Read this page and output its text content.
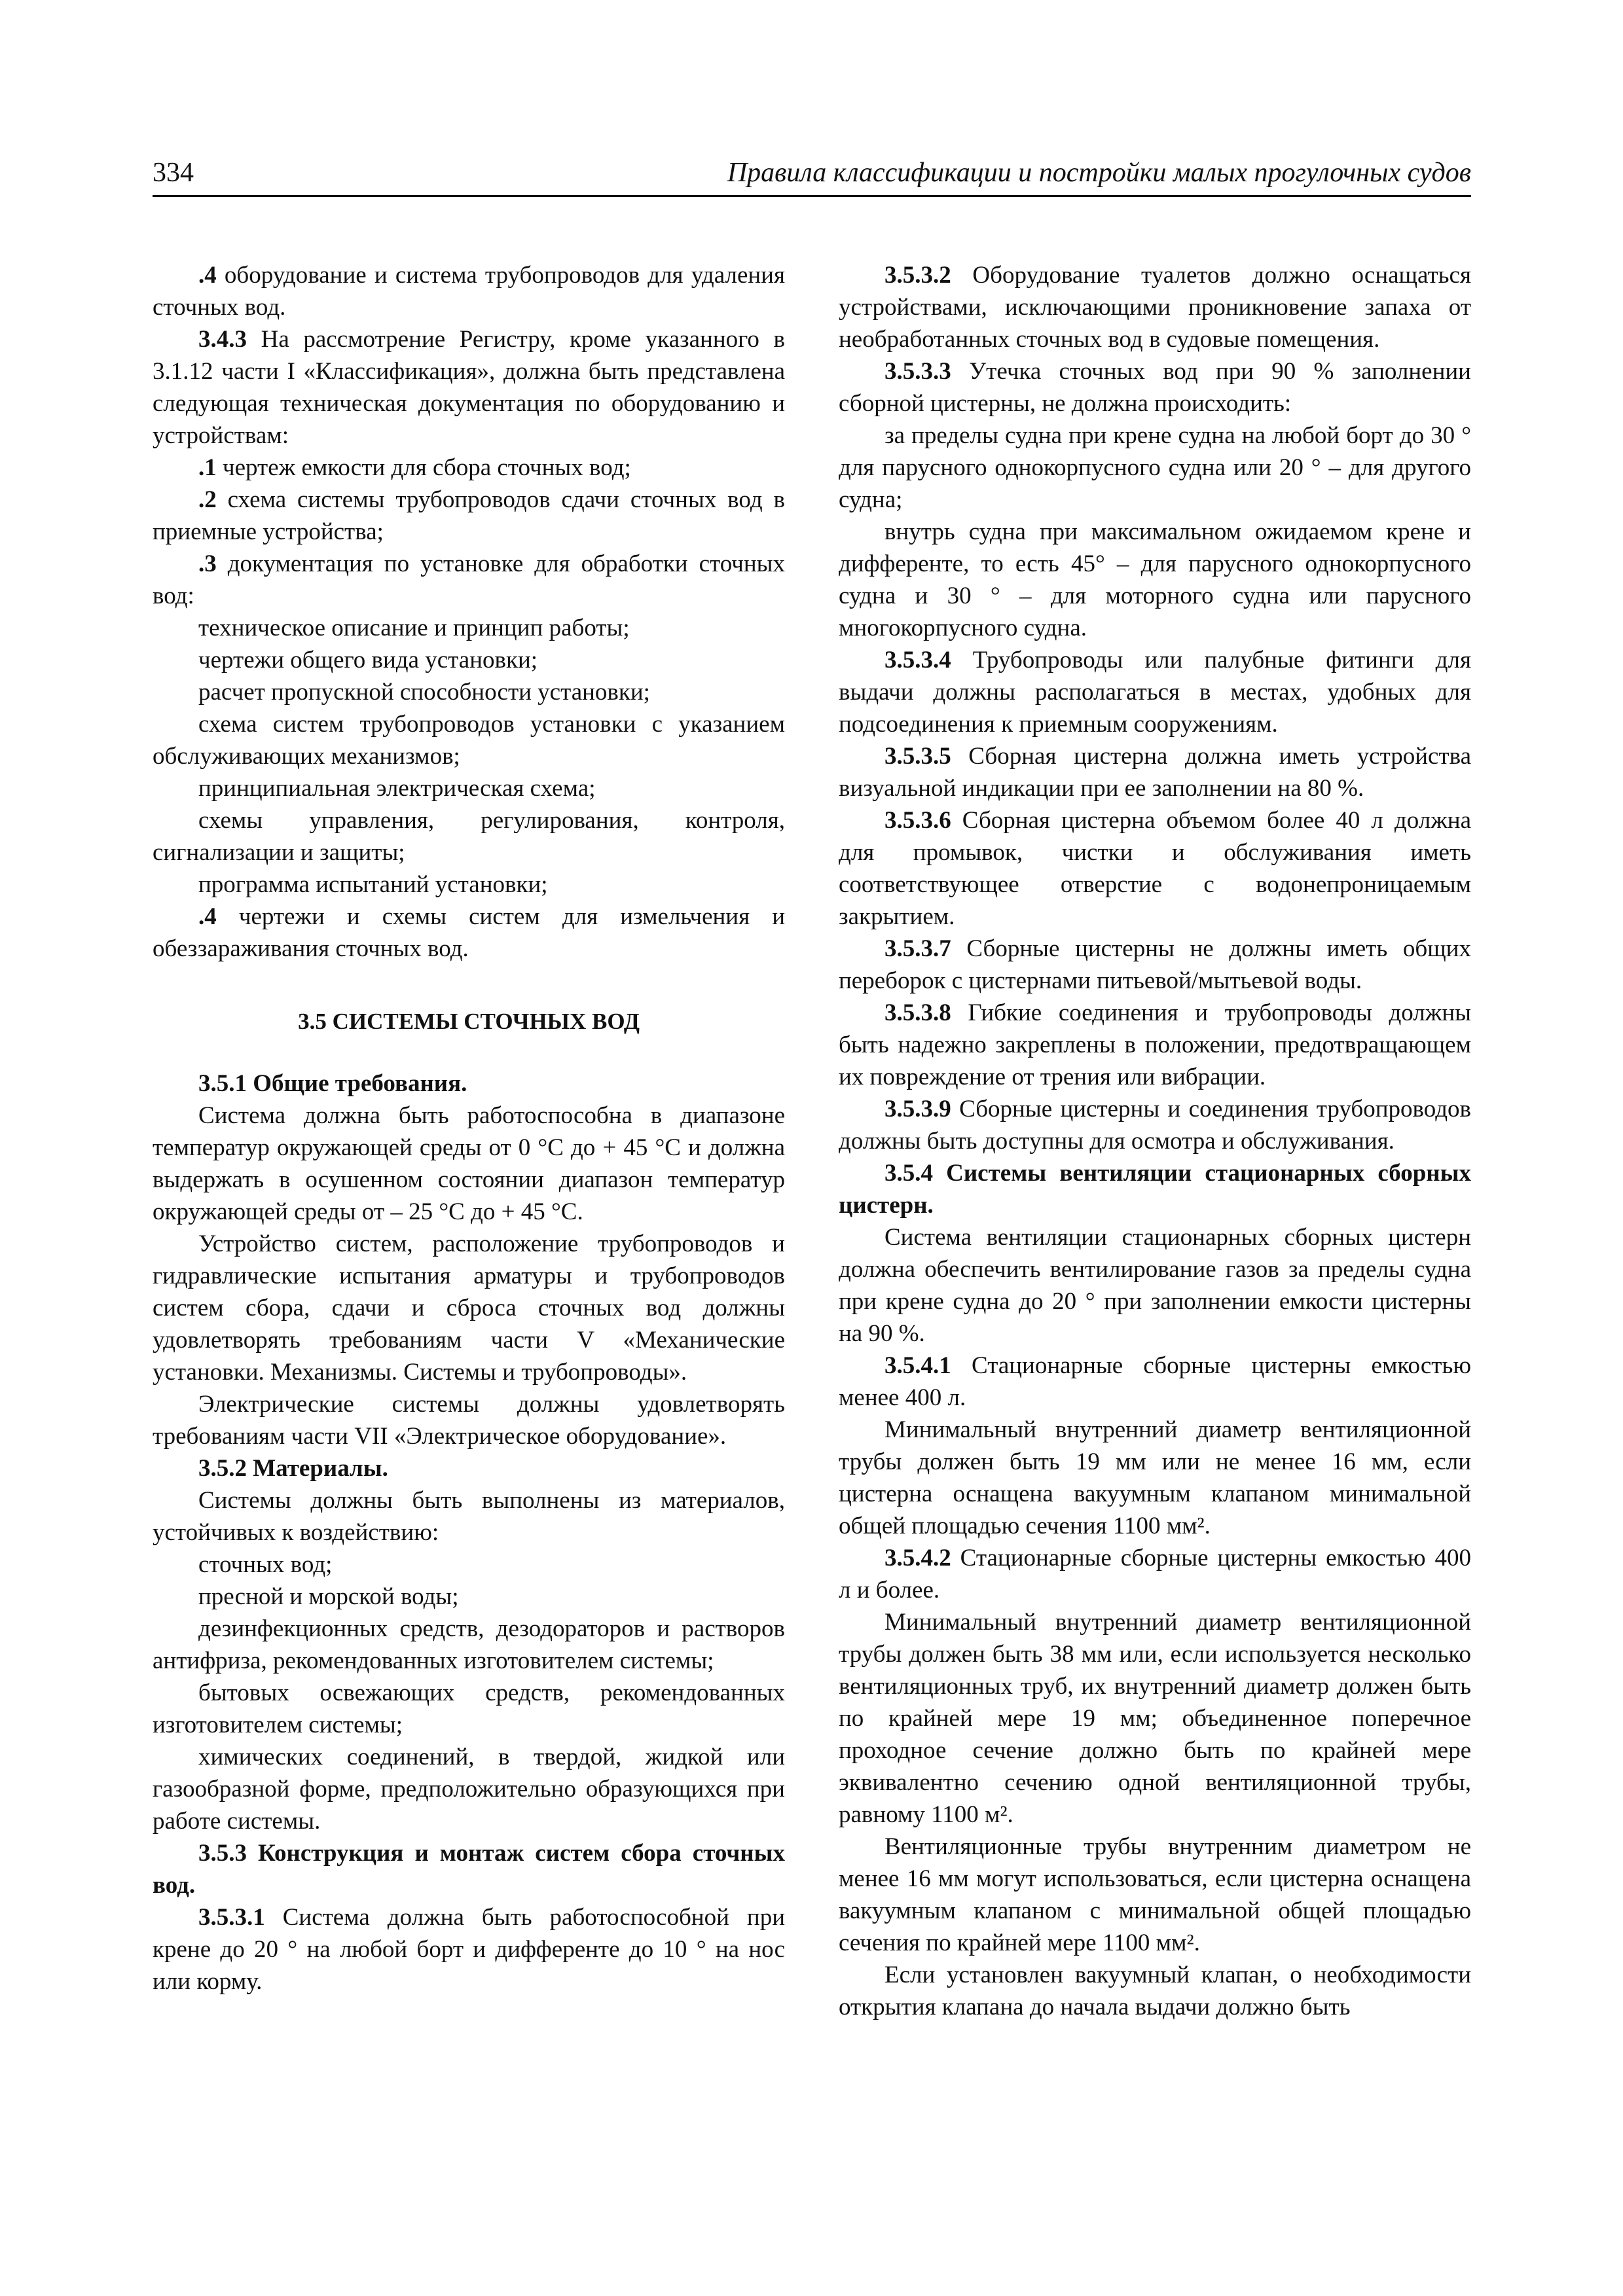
334	Правила классификации и постройки малых прогулочных судов

.4 оборудование и система трубопроводов для удаления сточных вод.

3.4.3 На рассмотрение Регистру, кроме указанного в 3.1.12 части I «Классификация», должна быть представлена следующая техническая документация по оборудованию и устройствам:

.1 чертеж емкости для сбора сточных вод;

.2 схема системы трубопроводов сдачи сточных вод в приемные устройства;

.3 документация по установке для обработки сточных вод:

техническое описание и принцип работы;

чертежи общего вида установки;

расчет пропускной способности установки;

схема систем трубопроводов установки с указанием обслуживающих механизмов;

принципиальная электрическая схема;

схемы управления, регулирования, контроля, сигнализации и защиты;

программа испытаний установки;

.4 чертежи и схемы систем для измельчения и обеззараживания сточных вод.

3.5 СИСТЕМЫ СТОЧНЫХ ВОД

3.5.1 Общие требования.

Система должна быть работоспособна в диапазоне температур окружающей среды от 0 °С до + 45 °С и должна выдержать в осушенном состоянии диапазон температур окружающей среды от – 25 °С до + 45 °С.

Устройство систем, расположение трубопроводов и гидравлические испытания арматуры и трубопроводов систем сбора, сдачи и сброса сточных вод должны удовлетворять требованиям части V «Механические установки. Механизмы. Системы и трубопроводы».

Электрические системы должны удовлетворять требованиям части VII «Электрическое оборудование».

3.5.2 Материалы.

Системы должны быть выполнены из материалов, устойчивых к воздействию:

сточных вод;

пресной и морской воды;

дезинфекционных средств, дезодораторов и растворов антифриза, рекомендованных изготовителем системы;

бытовых освежающих средств, рекомендованных изготовителем системы;

химических соединений, в твердой, жидкой или газообразной форме, предположительно образующихся при работе системы.

3.5.3 Конструкция и монтаж систем сбора сточных вод.

3.5.3.1 Система должна быть работоспособной при крене до 20 ° на любой борт и дифференте до 10 ° на нос или корму.

3.5.3.2 Оборудование туалетов должно оснащаться устройствами, исключающими проникновение запаха от необработанных сточных вод в судовые помещения.

3.5.3.3 Утечка сточных вод при 90 % заполнении сборной цистерны, не должна происходить:

за пределы судна при крене судна на любой борт до 30 ° для парусного однокорпусного судна или 20 ° – для другого судна;

внутрь судна при максимальном ожидаемом крене и дифференте, то есть 45° – для парусного однокорпусного судна и 30 ° – для моторного судна или парусного многокорпусного судна.

3.5.3.4 Трубопроводы или палубные фитинги для выдачи должны располагаться в местах, удобных для подсоединения к приемным сооружениям.

3.5.3.5 Сборная цистерна должна иметь устройства визуальной индикации при ее заполнении на 80 %.

3.5.3.6 Сборная цистерна объемом более 40 л должна для промывок, чистки и обслуживания иметь соответствующее отверстие с водонепроницаемым закрытием.

3.5.3.7 Сборные цистерны не должны иметь общих переборок с цистернами питьевой/мытьевой воды.

3.5.3.8 Гибкие соединения и трубопроводы должны быть надежно закреплены в положении, предотвращающем их повреждение от трения или вибрации.

3.5.3.9 Сборные цистерны и соединения трубопроводов должны быть доступны для осмотра и обслуживания.

3.5.4 Системы вентиляции стационарных сборных цистерн.

Система вентиляции стационарных сборных цистерн должна обеспечить вентилирование газов за пределы судна при крене судна до 20 ° при заполнении емкости цистерны на 90 %.

3.5.4.1 Стационарные сборные цистерны емкостью менее 400 л.

Минимальный внутренний диаметр вентиляционной трубы должен быть 19 мм или не менее 16 мм, если цистерна оснащена вакуумным клапаном минимальной общей площадью сечения 1100 мм².

3.5.4.2 Стационарные сборные цистерны емкостью 400 л и более.

Минимальный внутренний диаметр вентиляционной трубы должен быть 38 мм или, если используется несколько вентиляционных труб, их внутренний диаметр должен быть по крайней мере 19 мм; объединенное поперечное проходное сечение должно быть по крайней мере эквивалентно сечению одной вентиляционной трубы, равному 1100 м².

Вентиляционные трубы внутренним диаметром не менее 16 мм могут использоваться, если цистерна оснащена вакуумным клапаном с минимальной общей площадью сечения по крайней мере 1100 мм².

Если установлен вакуумный клапан, о необходимости открытия клапана до начала выдачи должно быть
